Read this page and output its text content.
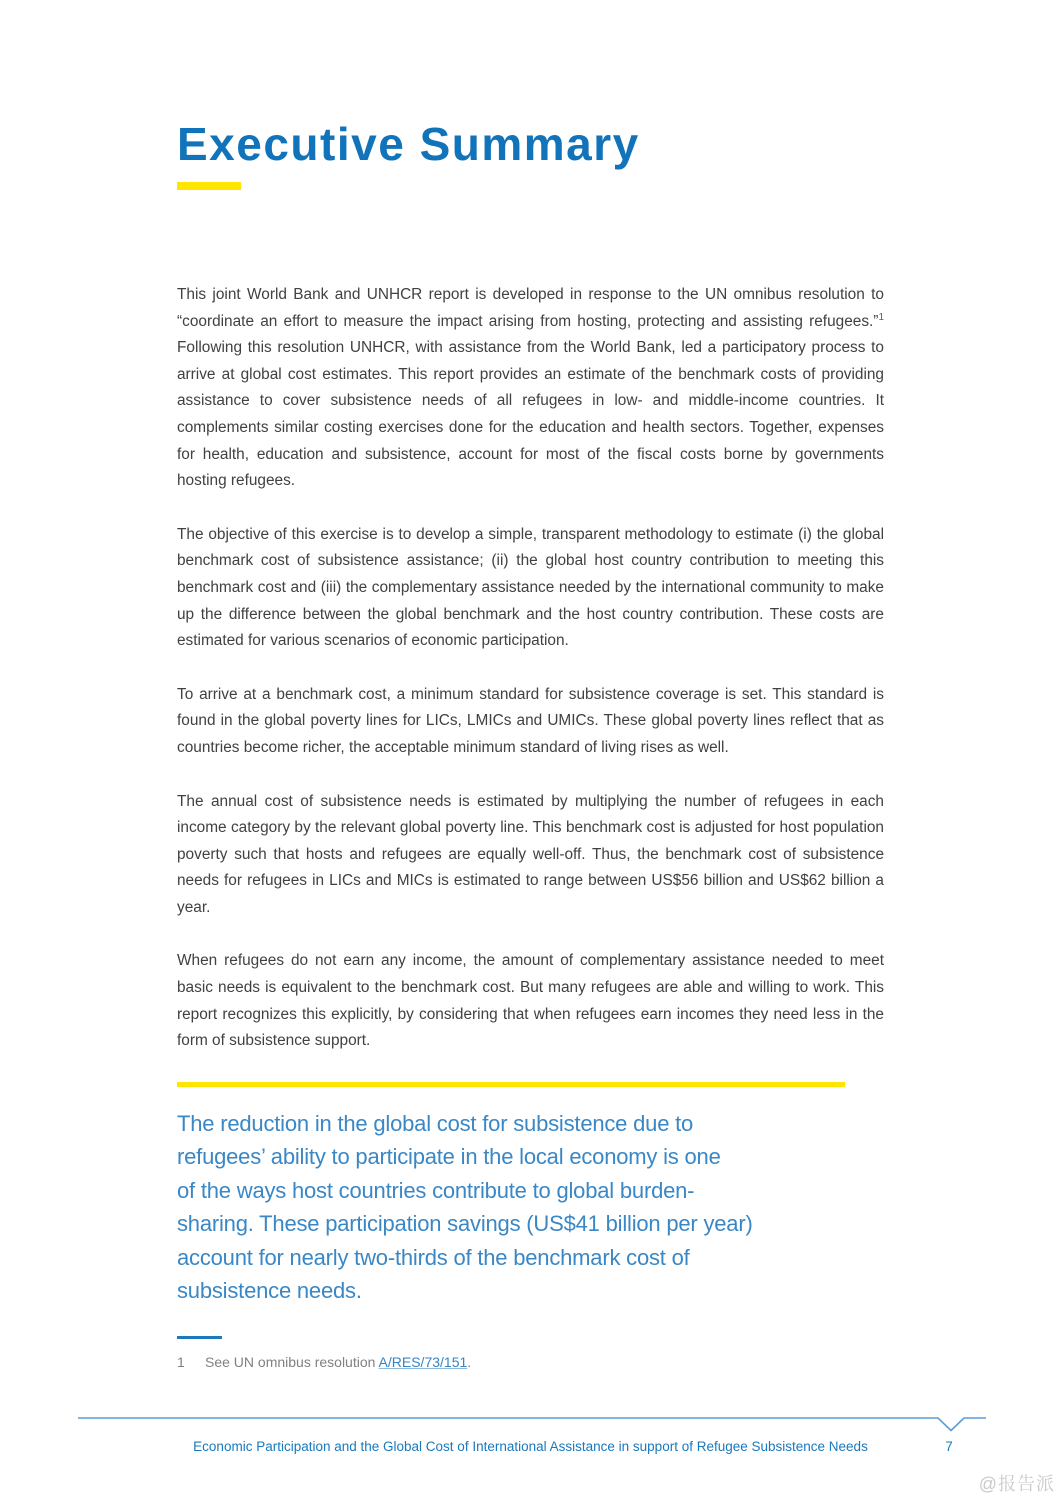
Executive Summary

This joint World Bank and UNHCR report is developed in response to the UN omnibus resolution to “coordinate an effort to measure the impact arising from hosting, protecting and assisting refugees.”$^1$ Following this resolution UNHCR, with assistance from the World Bank, led a participatory process to arrive at global cost estimates. This report provides an estimate of the benchmark costs of providing assistance to cover subsistence needs of all refugees in low- and middle-income countries. It complements similar costing exercises done for the education and health sectors. Together, expenses for health, education and subsistence, account for most of the fiscal costs borne by governments hosting refugees.

The objective of this exercise is to develop a simple, transparent methodology to estimate (i) the global benchmark cost of subsistence assistance; (ii) the global host country contribution to meeting this benchmark cost and (iii) the complementary assistance needed by the international community to make up the difference between the global benchmark and the host country contribution. These costs are estimated for various scenarios of economic participation.

To arrive at a benchmark cost, a minimum standard for subsistence coverage is set. This standard is found in the global poverty lines for LICs, LMICs and UMICs. These global poverty lines reflect that as countries become richer, the acceptable minimum standard of living rises as well.

The annual cost of subsistence needs is estimated by multiplying the number of refugees in each income category by the relevant global poverty line. This benchmark cost is adjusted for host population poverty such that hosts and refugees are equally well-off. Thus, the benchmark cost of subsistence needs for refugees in LICs and MICs is estimated to range between US$56 billion and US$62 billion a year.

When refugees do not earn any income, the amount of complementary assistance needed to meet basic needs is equivalent to the benchmark cost. But many refugees are able and willing to work. This report recognizes this explicitly, by considering that when refugees earn incomes they need less in the form of subsistence support.

The reduction in the global cost for subsistence due to
refugees’ ability to participate in the local economy is one
of the ways host countries contribute to global burden-
sharing. These participation savings (US$41 billion per year)
account for nearly two-thirds of the benchmark cost of
subsistence needs.
1	See UN omnibus resolution A/RES/73/151.
Economic Participation and the Global Cost of International Assistance in support of Refugee Subsistence Needs	7
@报告派
